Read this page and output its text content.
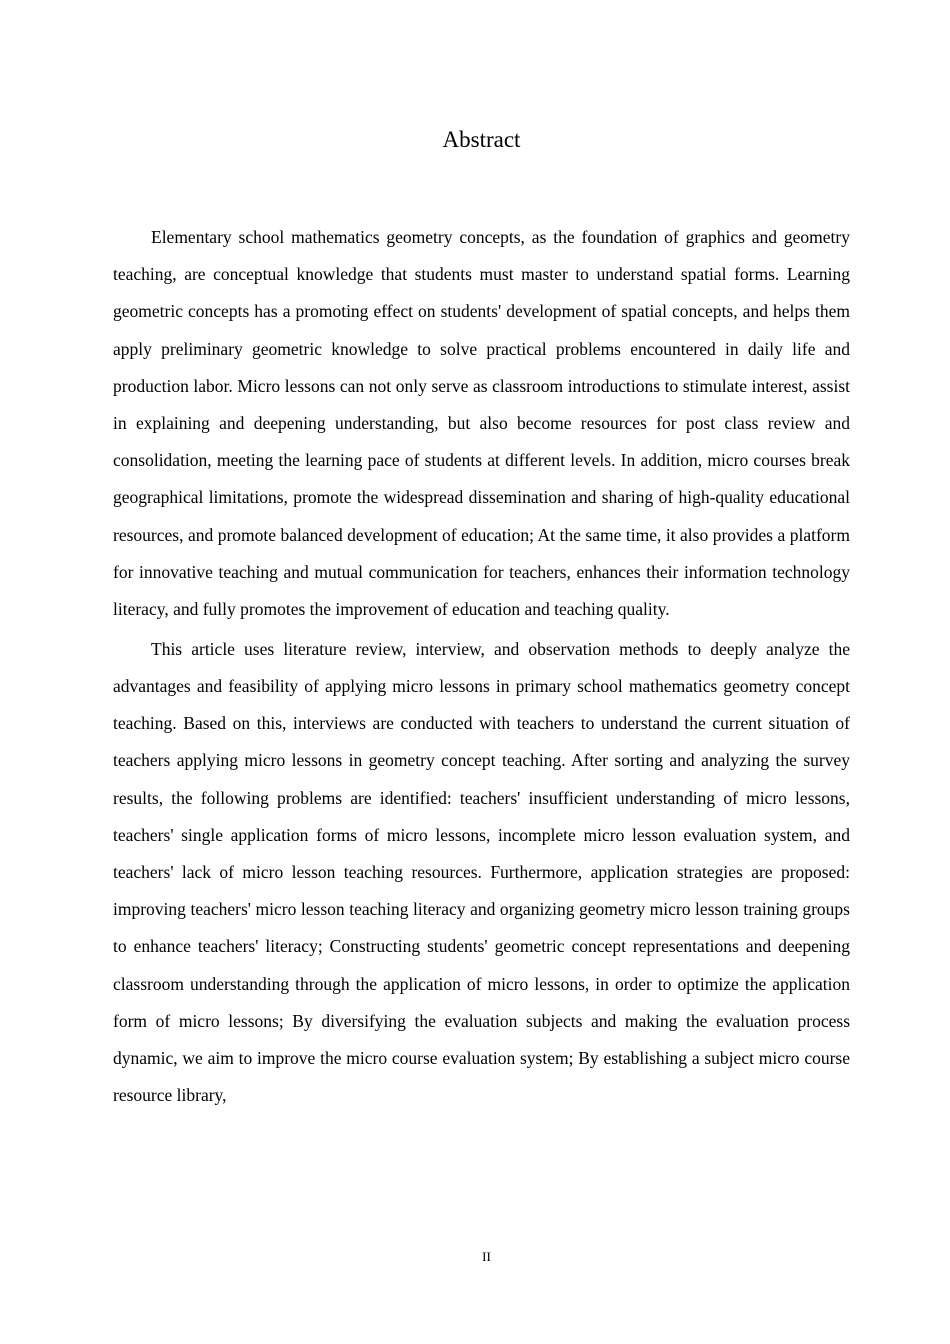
Abstract

Elementary school mathematics geometry concepts, as the foundation of graphics and geometry teaching, are conceptual knowledge that students must master to understand spatial forms. Learning geometric concepts has a promoting effect on students' development of spatial concepts, and helps them apply preliminary geometric knowledge to solve practical problems encountered in daily life and production labor. Micro lessons can not only serve as classroom introductions to stimulate interest, assist in explaining and deepening understanding, but also become resources for post class review and consolidation, meeting the learning pace of students at different levels. In addition, micro courses break geographical limitations, promote the widespread dissemination and sharing of high-quality educational resources, and promote balanced development of education; At the same time, it also provides a platform for innovative teaching and mutual communication for teachers, enhances their information technology literacy, and fully promotes the improvement of education and teaching quality.

This article uses literature review, interview, and observation methods to deeply analyze the advantages and feasibility of applying micro lessons in primary school mathematics geometry concept teaching. Based on this, interviews are conducted with teachers to understand the current situation of teachers applying micro lessons in geometry concept teaching. After sorting and analyzing the survey results, the following problems are identified: teachers' insufficient understanding of micro lessons, teachers' single application forms of micro lessons, incomplete micro lesson evaluation system, and teachers' lack of micro lesson teaching resources. Furthermore, application strategies are proposed: improving teachers' micro lesson teaching literacy and organizing geometry micro lesson training groups to enhance teachers' literacy; Constructing students' geometric concept representations and deepening classroom understanding through the application of micro lessons, in order to optimize the application form of micro lessons; By diversifying the evaluation subjects and making the evaluation process dynamic, we aim to improve the micro course evaluation system; By establishing a subject micro course resource library,

II
